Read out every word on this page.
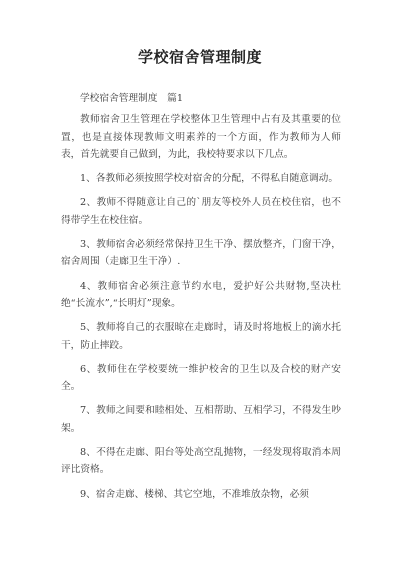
学校宿舍管理制度
学校宿舍管理制度　篇1

教师宿舍卫生管理在学校整体卫生管理中占有及其重要的位置，也是直接体现教师文明素养的一个方面，作为教师为人师表，首先就要自己做到，为此，我校特要求以下几点。

1、各教师必须按照学校对宿舍的分配，不得私自随意调动。

2、教师不得随意让自己的`朋友等校外人员在校住宿，也不得带学生在校住宿。

3、教师宿舍必须经常保持卫生干净、摆放整齐，门窗干净，宿舍周围（走廊卫生干净）.

4、教师宿舍必须注意节约水电，爱护好公共财物,坚决杜绝“长流水”,“长明灯”现象。

5、教师将自己的衣服晾在走廊时，请及时将地板上的滴水托干，防止摔跤。

6、教师住在学校要统一维护校舍的卫生以及合校的财产安全。

7、教师之间要和睦相处、互相帮助、互相学习，不得发生吵架。

8、不得在走廊、阳台等处高空乱抛物，一经发现将取消本周评比资格。

9、宿舍走廊、楼梯、其它空地，不准堆放杂物，必须
